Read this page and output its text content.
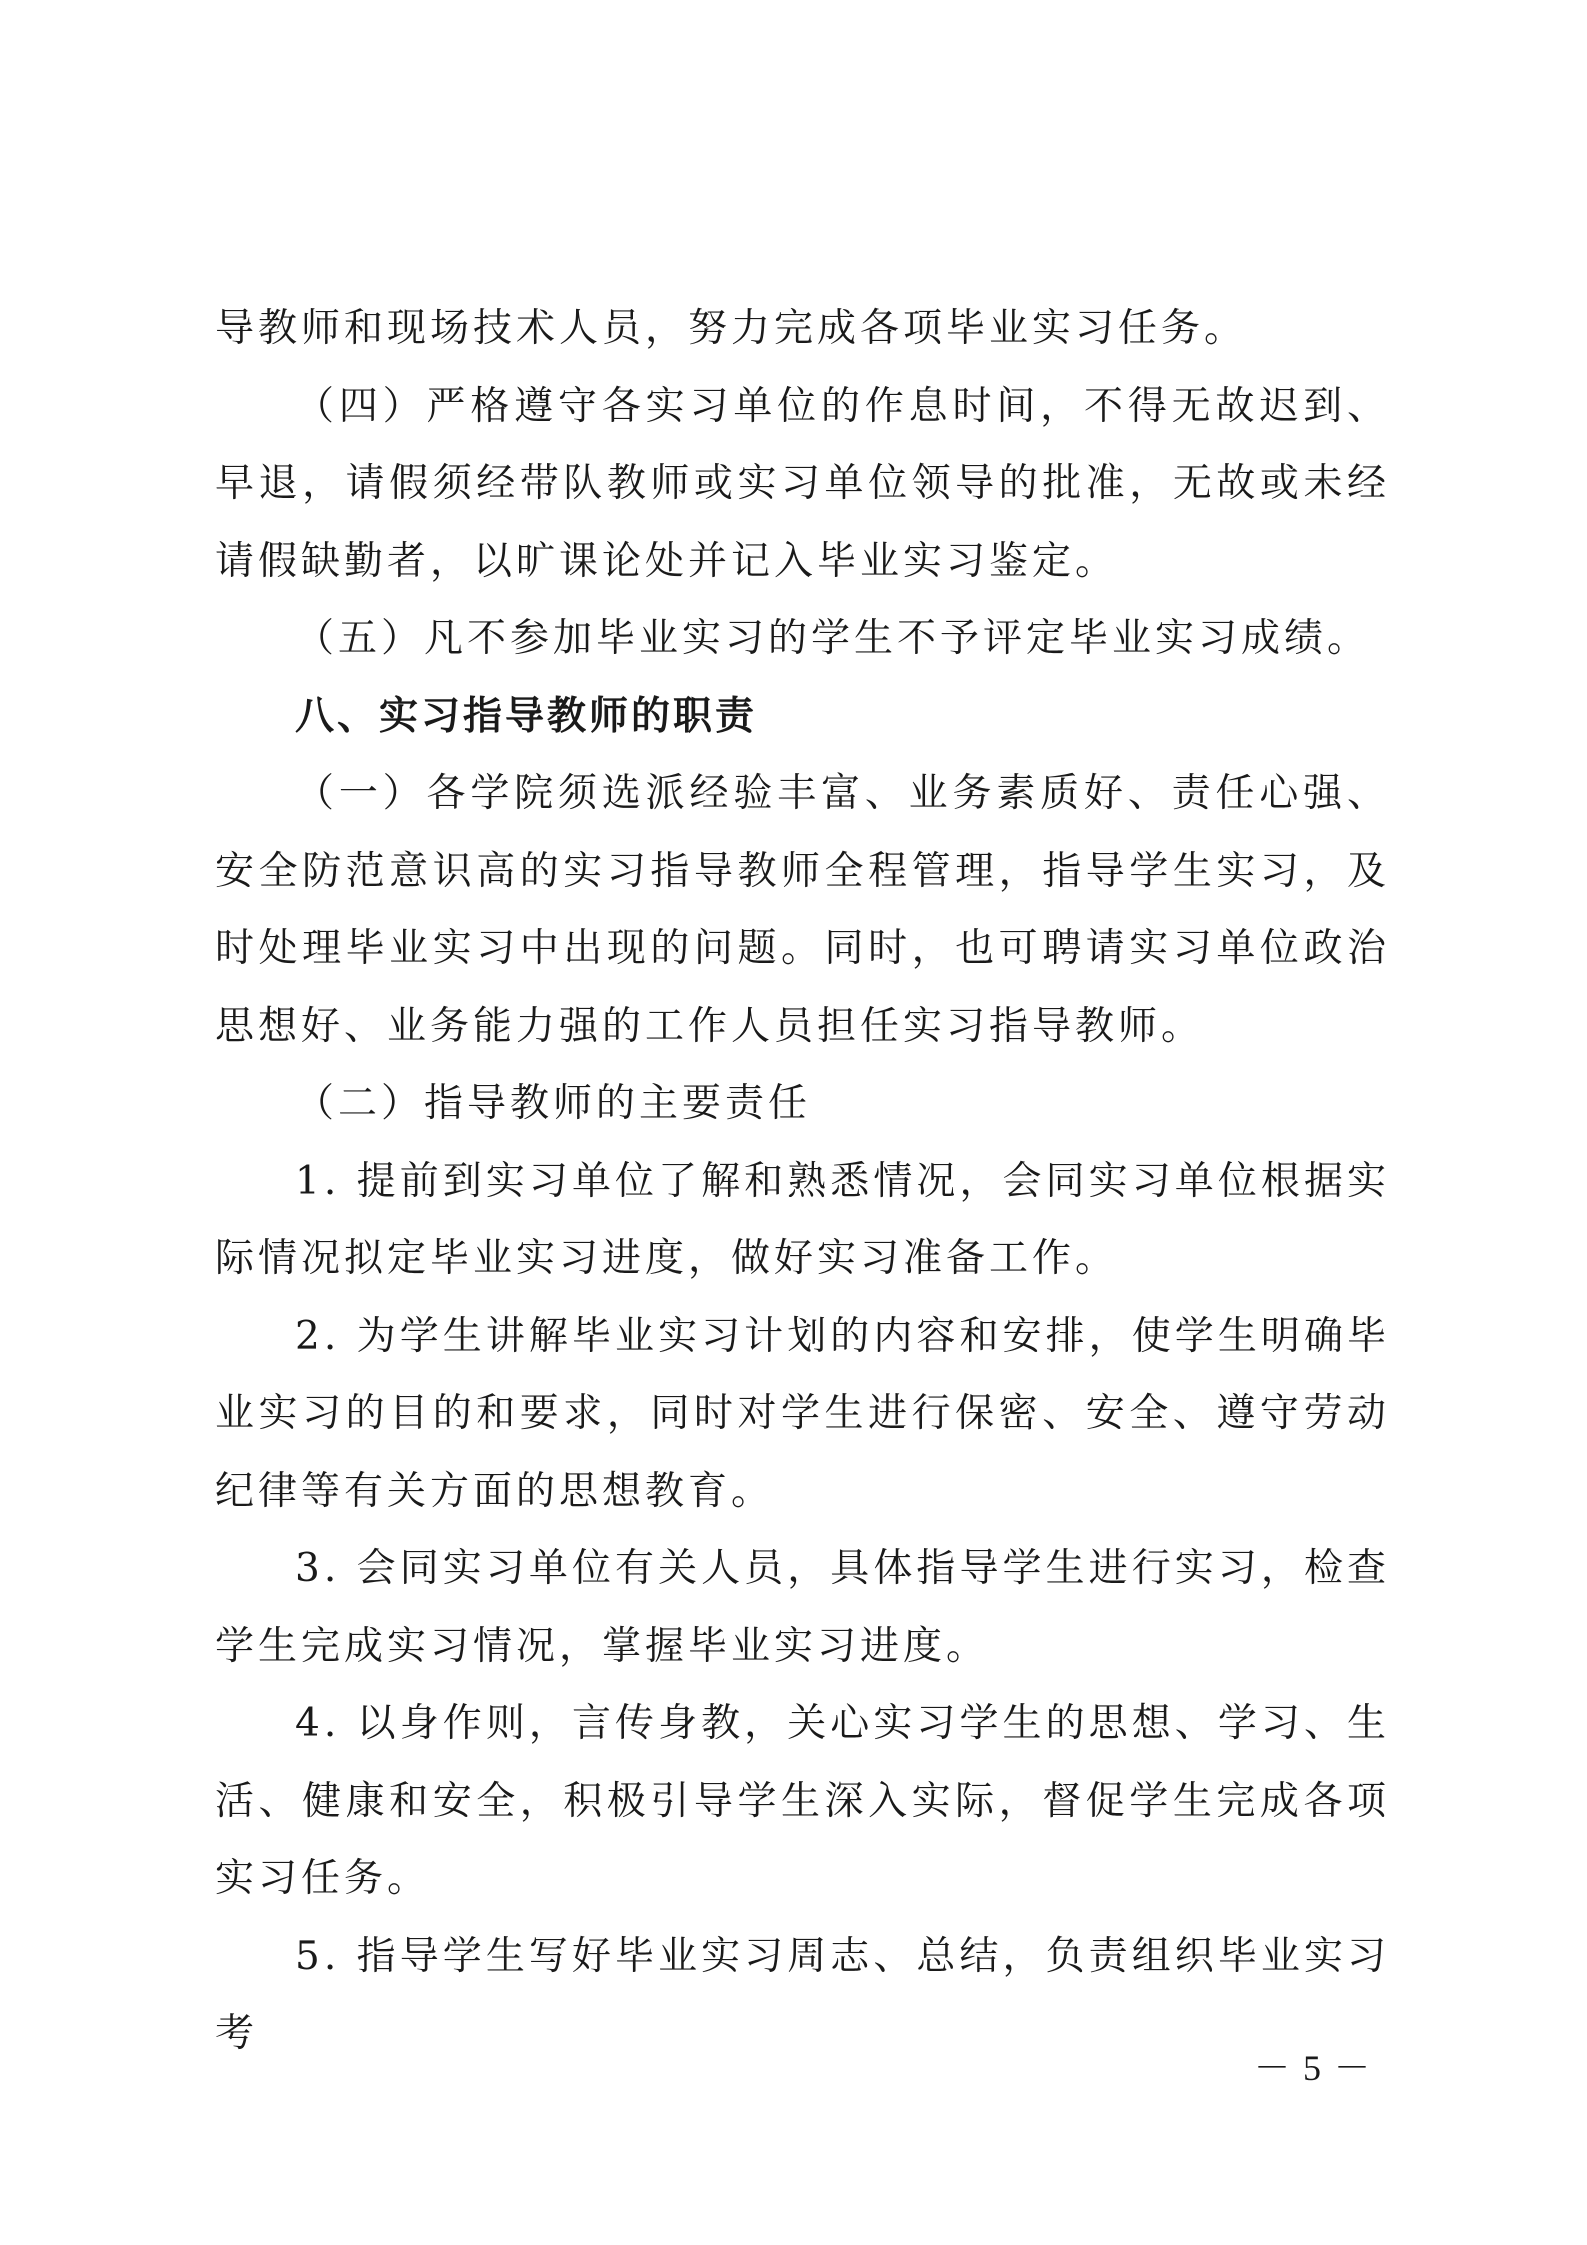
导教师和现场技术人员，努力完成各项毕业实习任务。

（四）严格遵守各实习单位的作息时间，不得无故迟到、早退，请假须经带队教师或实习单位领导的批准，无故或未经请假缺勤者，以旷课论处并记入毕业实习鉴定。

（五）凡不参加毕业实习的学生不予评定毕业实习成绩。

八、实习指导教师的职责

（一）各学院须选派经验丰富、业务素质好、责任心强、安全防范意识高的实习指导教师全程管理，指导学生实习，及时处理毕业实习中出现的问题。同时，也可聘请实习单位政治思想好、业务能力强的工作人员担任实习指导教师。

（二）指导教师的主要责任

1. 提前到实习单位了解和熟悉情况，会同实习单位根据实际情况拟定毕业实习进度，做好实习准备工作。

2. 为学生讲解毕业实习计划的内容和安排，使学生明确毕业实习的目的和要求，同时对学生进行保密、安全、遵守劳动纪律等有关方面的思想教育。

3. 会同实习单位有关人员，具体指导学生进行实习，检查学生完成实习情况，掌握毕业实习进度。

4. 以身作则，言传身教，关心实习学生的思想、学习、生活、健康和安全，积极引导学生深入实际，督促学生完成各项实习任务。

5. 指导学生写好毕业实习周志、总结，负责组织毕业实习考

－ 5 －
